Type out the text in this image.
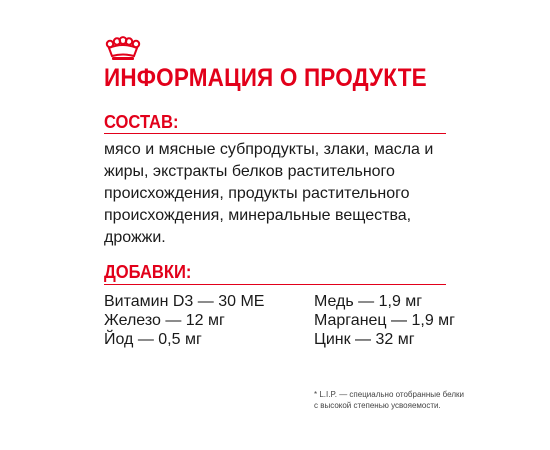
ИНФОРМАЦИЯ О ПРОДУКТЕ
СОСТАВ:

мясо и мясные субпродукты, злаки, масла и жиры, экстракты белков растительного происхождения, продукты растительного происхождения, минеральные вещества, дрожжи.

ДОБАВКИ:
Витамин D3 — 30 МЕ
Железо — 12 мг
Йод — 0,5 мг
Медь — 1,9 мг
Марганец — 1,9 мг
Цинк — 32 мг
* L.I.P. — специально отобранные белки с высокой степенью усвояемости.
